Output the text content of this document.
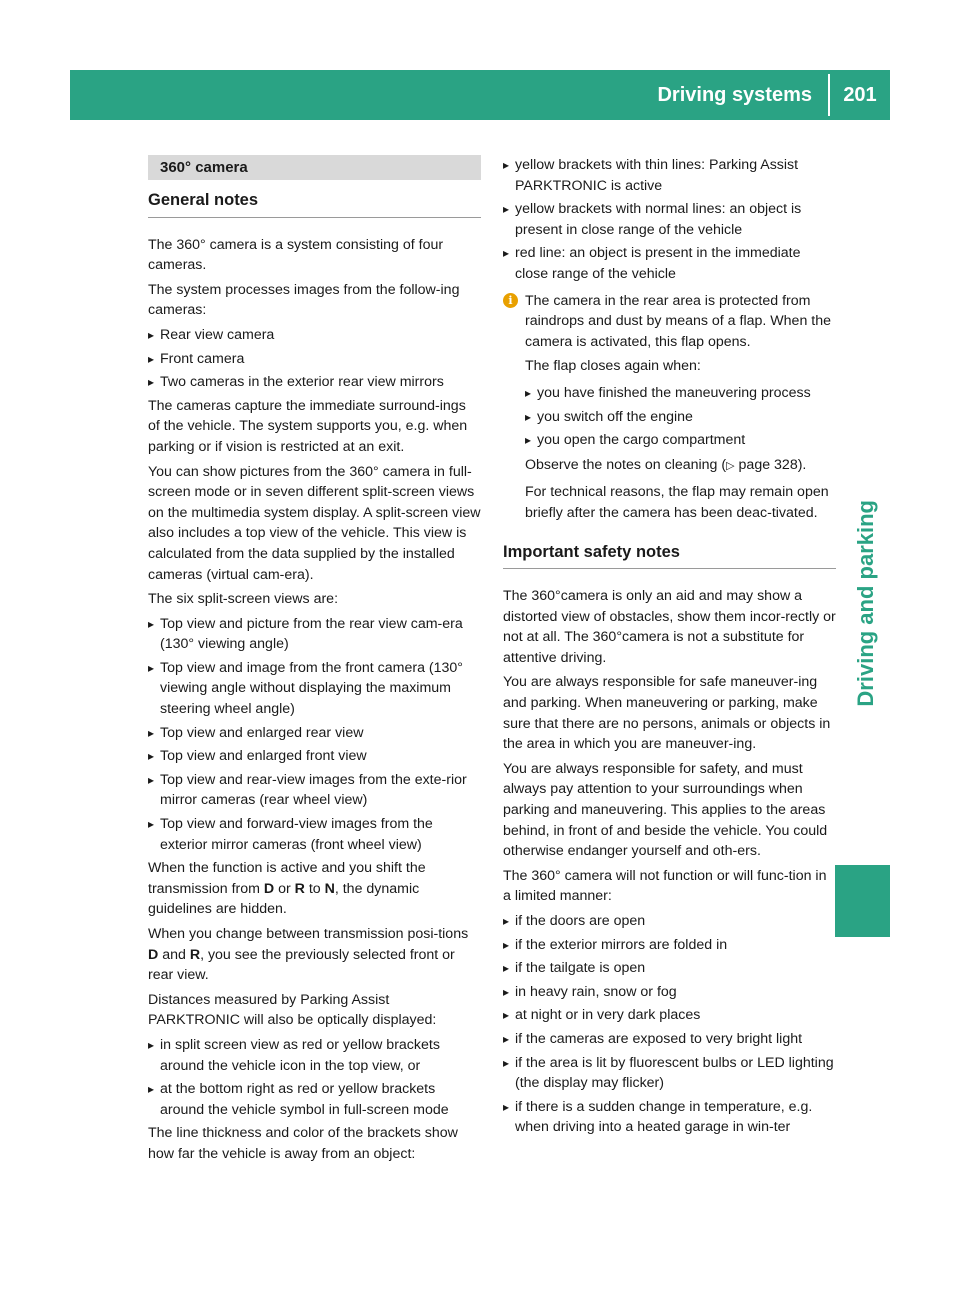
Driving systems	201
Driving and parking
360° camera
General notes

The 360° camera is a system consisting of four cameras.

The system processes images from the follow-ing cameras:

▸ Rear view camera
▸ Front camera
▸ Two cameras in the exterior rear view mirrors

The cameras capture the immediate surround-ings of the vehicle. The system supports you, e.g. when parking or if vision is restricted at an exit.

You can show pictures from the 360° camera in full-screen mode or in seven different split-screen views on the multimedia system display. A split-screen view also includes a top view of the vehicle. This view is calculated from the data supplied by the installed cameras (virtual cam-era).

The six split-screen views are:

▸ Top view and picture from the rear view cam-era (130° viewing angle)
▸ Top view and image from the front camera (130° viewing angle without displaying the maximum steering wheel angle)
▸ Top view and enlarged rear view
▸ Top view and enlarged front view
▸ Top view and rear-view images from the exte-rior mirror cameras (rear wheel view)
▸ Top view and forward-view images from the exterior mirror cameras (front wheel view)

When the function is active and you shift the transmission from D or R to N, the dynamic guidelines are hidden.

When you change between transmission posi-tions D and R, you see the previously selected front or rear view.

Distances measured by Parking Assist PARKTRONIC will also be optically displayed:

▸ in split screen view as red or yellow brackets around the vehicle icon in the top view, or
▸ at the bottom right as red or yellow brackets around the vehicle symbol in full-screen mode

The line thickness and color of the brackets show how far the vehicle is away from an object:

▸ yellow brackets with thin lines: Parking Assist PARKTRONIC is active
▸ yellow brackets with normal lines: an object is present in close range of the vehicle
▸ red line: an object is present in the immediate close range of the vehicle
i The camera in the rear area is protected from raindrops and dust by means of a flap. When the camera is activated, this flap opens.

The flap closes again when:

▸ you have finished the maneuvering process
▸ you switch off the engine
▸ you open the cargo compartment

Observe the notes on cleaning (▷ page 328).

For technical reasons, the flap may remain open briefly after the camera has been deac-tivated.

Important safety notes

The 360°camera is only an aid and may show a distorted view of obstacles, show them incor-rectly or not at all. The 360°camera is not a substitute for attentive driving.

You are always responsible for safe maneuver-ing and parking. When maneuvering or parking, make sure that there are no persons, animals or objects in the area in which you are maneuver-ing.

You are always responsible for safety, and must always pay attention to your surroundings when parking and maneuvering. This applies to the areas behind, in front of and beside the vehicle. You could otherwise endanger yourself and oth-ers.

The 360° camera will not function or will func-tion in a limited manner:

▸ if the doors are open
▸ if the exterior mirrors are folded in
▸ if the tailgate is open
▸ in heavy rain, snow or fog
▸ at night or in very dark places
▸ if the cameras are exposed to very bright light
▸ if the area is lit by fluorescent bulbs or LED lighting (the display may flicker)
▸ if there is a sudden change in temperature, e.g. when driving into a heated garage in win-ter
